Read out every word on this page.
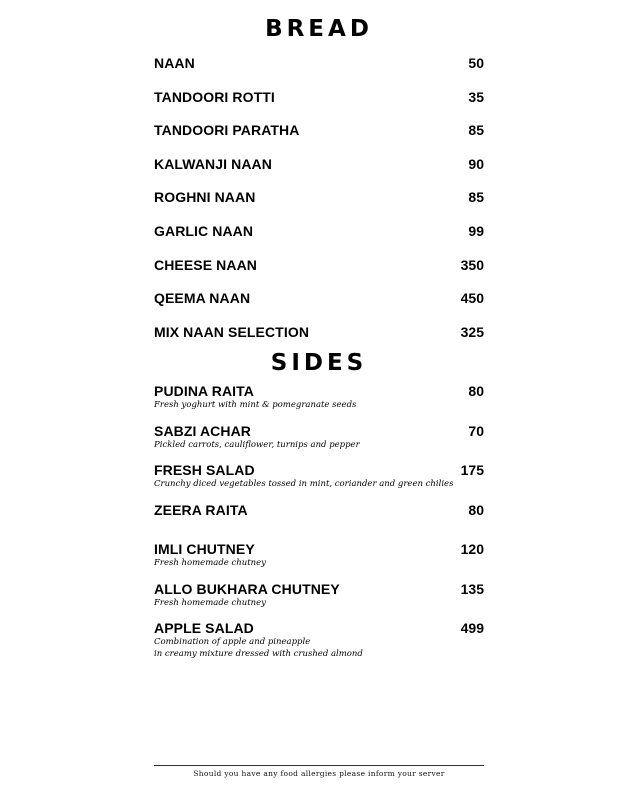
BREAD
NAAN	50
TANDOORI ROTTI	35
TANDOORI PARATHA	85
KALWANJI NAAN	90
ROGHNI NAAN	85
GARLIC NAAN	99
CHEESE NAAN	350
QEEMA NAAN	450
MIX NAAN SELECTION	325
SIDES
PUDINA RAITA	80
Fresh yoghurt with mint & pomegranate seeds
SABZI ACHAR	70
Pickled carrots, cauliflower, turnips and pepper
FRESH SALAD	175
Crunchy diced vegetables tossed in mint, coriander and green chilies
ZEERA RAITA	80
IMLI CHUTNEY	120
Fresh homemade chutney
ALLO BUKHARA CHUTNEY	135
Fresh homemade chutney
APPLE SALAD	499
Combination of apple and pineapple
in creamy mixture dressed with crushed almond
Should you have any food allergies please inform your server
